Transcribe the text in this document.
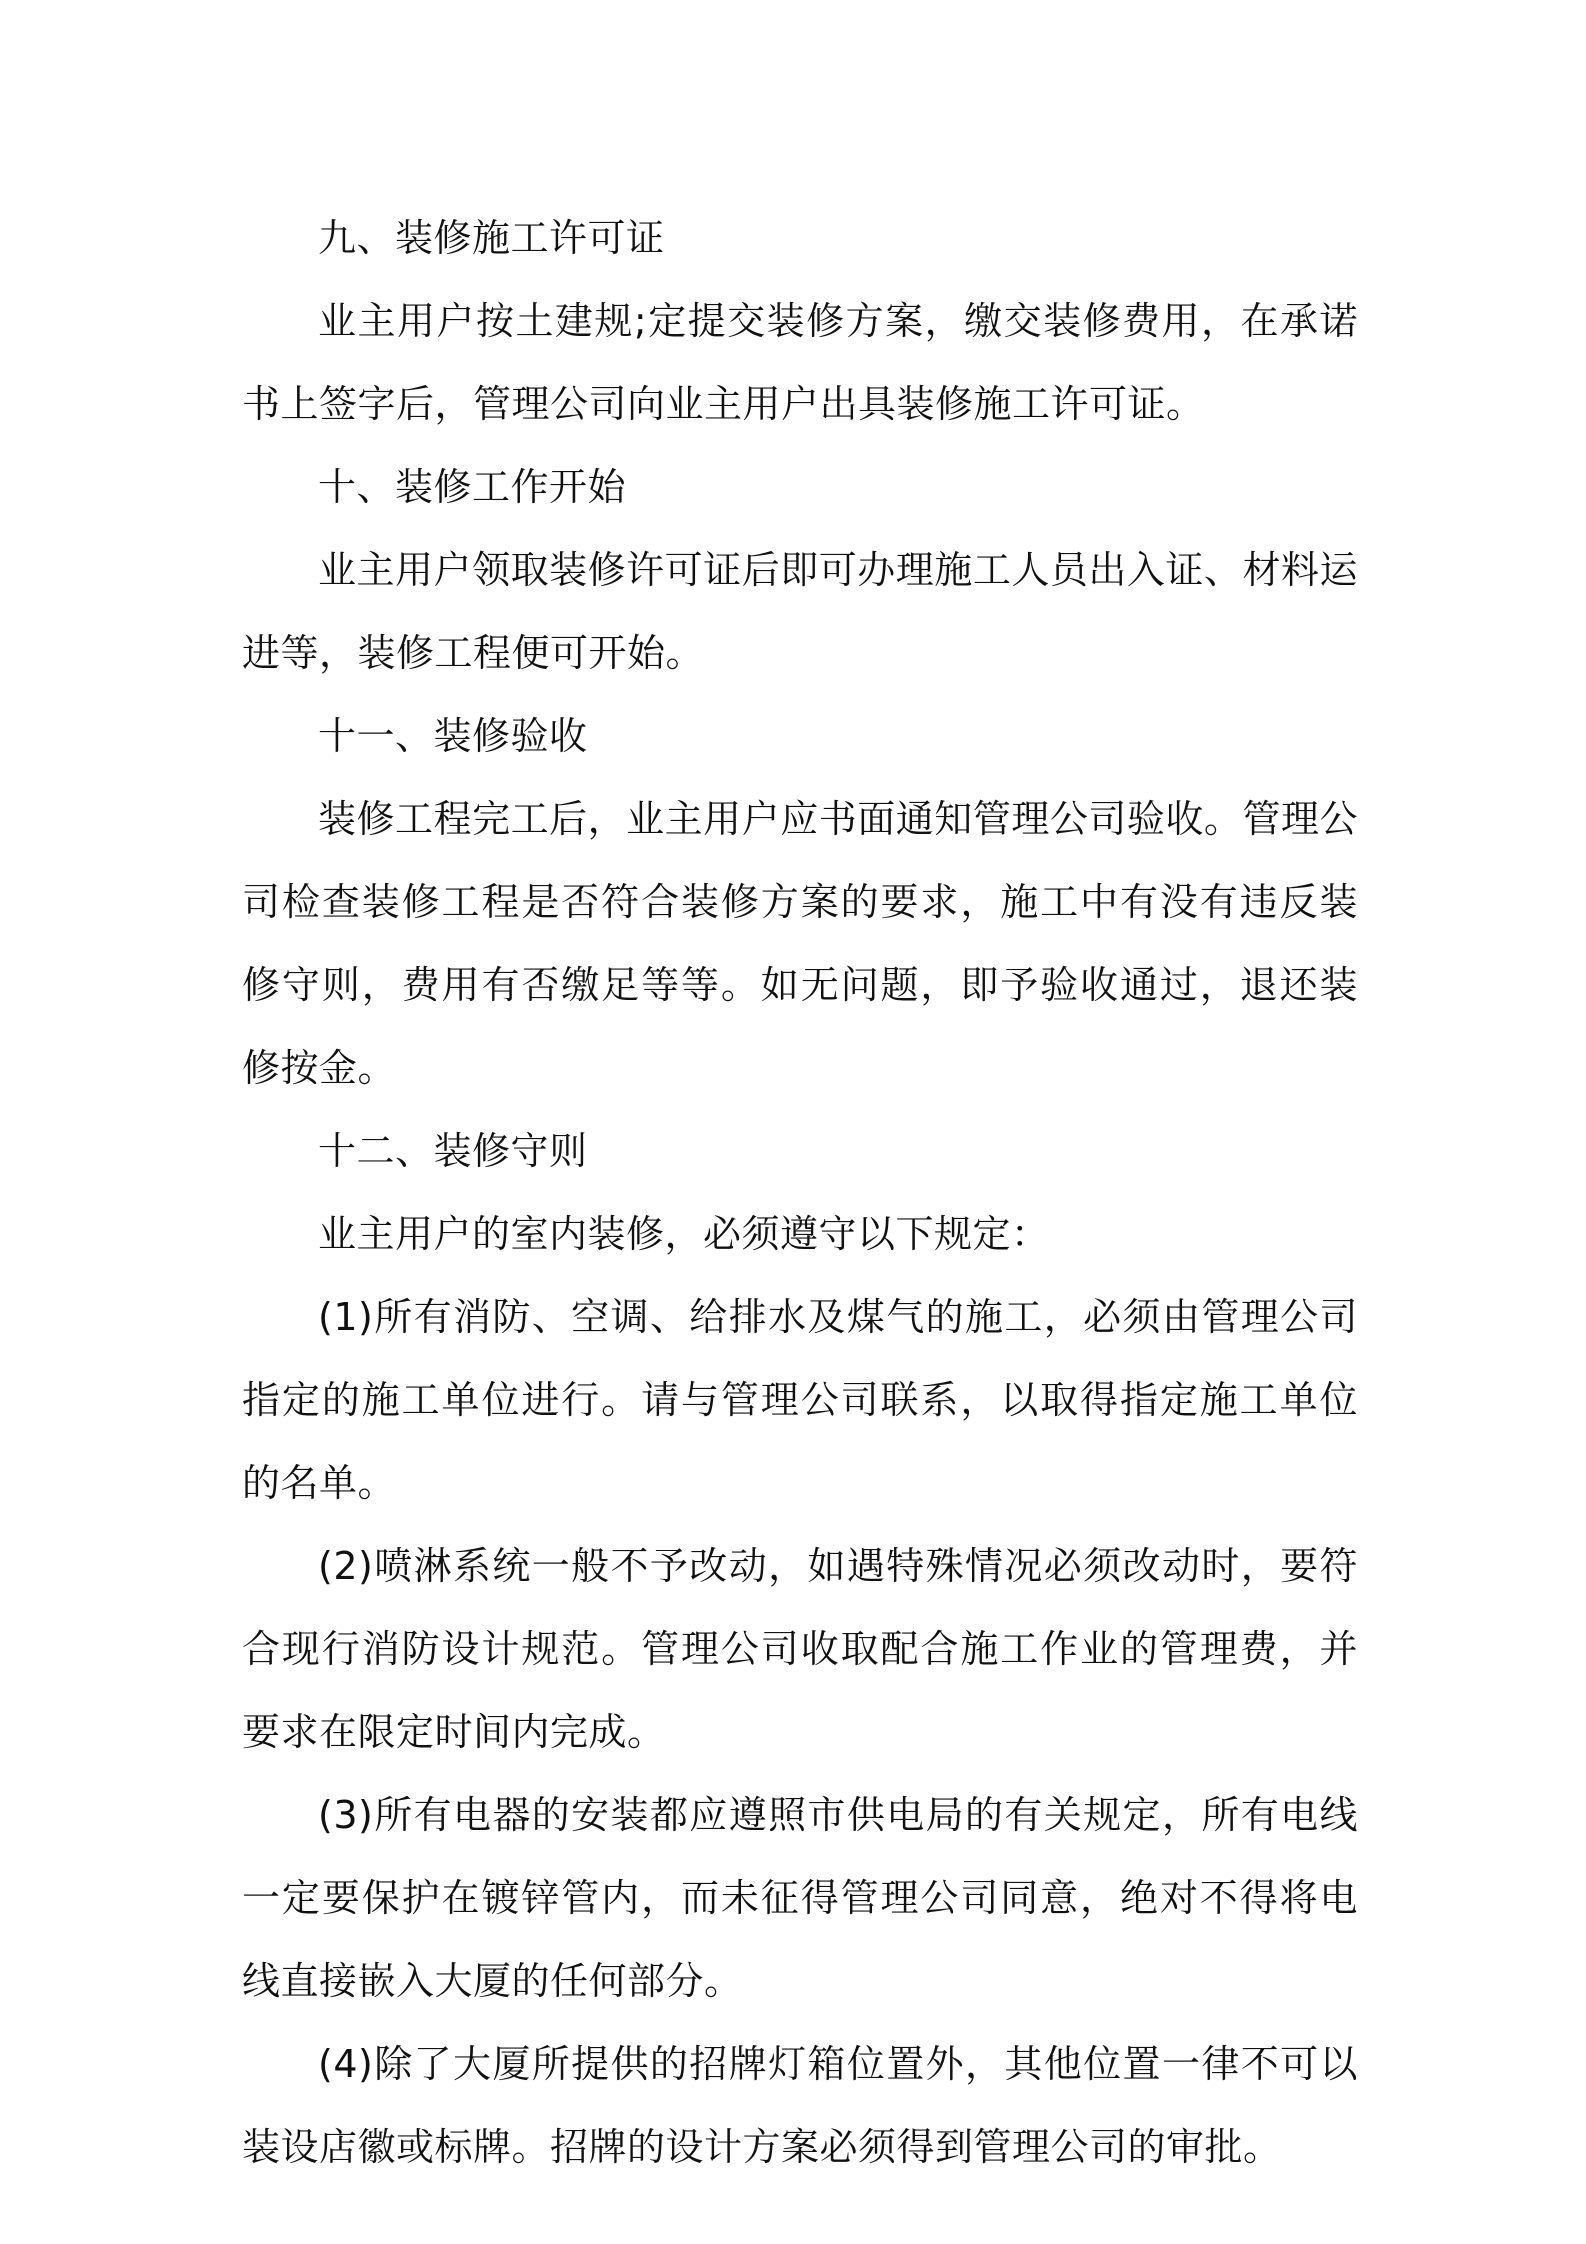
九、装修施工许可证

业主用户按土建规;定提交装修方案，缴交装修费用，在承诺书上签字后，管理公司向业主用户出具装修施工许可证。

十、装修工作开始

业主用户领取装修许可证后即可办理施工人员出入证、材料运进等，装修工程便可开始。

十一、装修验收

装修工程完工后，业主用户应书面通知管理公司验收。管理公司检查装修工程是否符合装修方案的要求，施工中有没有违反装修守则，费用有否缴足等等。如无问题，即予验收通过，退还装修按金。

十二、装修守则

业主用户的室内装修，必须遵守以下规定：

(1)所有消防、空调、给排水及煤气的施工，必须由管理公司指定的施工单位进行。请与管理公司联系，以取得指定施工单位的名单。

(2)喷淋系统一般不予改动，如遇特殊情况必须改动时，要符合现行消防设计规范。管理公司收取配合施工作业的管理费，并要求在限定时间内完成。

(3)所有电器的安装都应遵照市供电局的有关规定，所有电线一定要保护在镀锌管内，而未征得管理公司同意，绝对不得将电线直接嵌入大厦的任何部分。

(4)除了大厦所提供的招牌灯箱位置外，其他位置一律不可以装设店徽或标牌。招牌的设计方案必须得到管理公司的审批。
